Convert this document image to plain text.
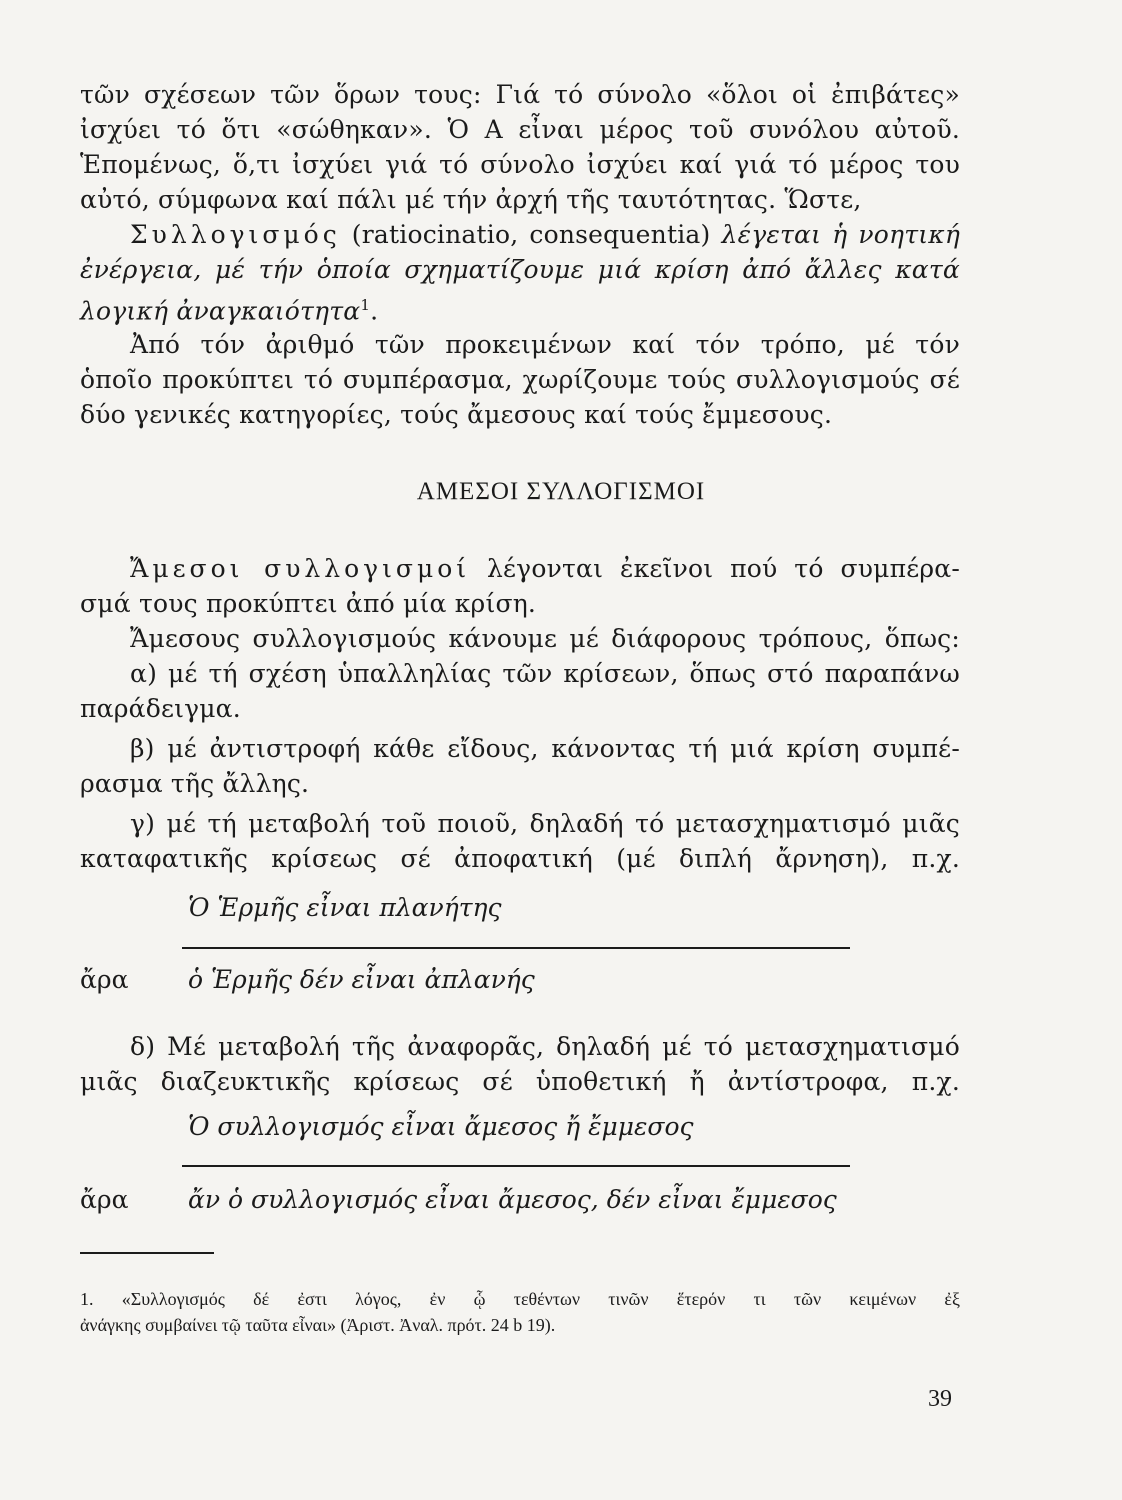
τῶν σχέσεων τῶν ὅρων τους: Γιά τό σύνολο «ὅλοι οἱ ἐπιβάτες»
ἰσχύει τό ὅτι «σώθηκαν». Ὁ Α εἶναι μέρος τοῦ συνόλου αὐτοῦ.
Ἑπομένως, ὅ,τι ἰσχύει γιά τό σύνολο ἰσχύει καί γιά τό μέρος του
αὐτό, σύμφωνα καί πάλι μέ τήν ἀρχή τῆς ταυτότητας. Ὥστε,
Συλλογισμός (ratiocinatio, consequentia) λέγεται ἡ νοητική
ἐνέργεια, μέ τήν ὁποία σχηματίζουμε μιά κρίση ἀπό ἄλλες κατά
λογική ἀναγκαιότητα$^1$.
Ἀπό τόν ἀριθμό τῶν προκειμένων καί τόν τρόπο, μέ τόν
ὁποῖο προκύπτει τό συμπέρασμα, χωρίζουμε τούς συλλογισμούς σέ
δύο γενικές κατηγορίες, τούς ἄμεσους καί τούς ἔμμεσους.
ΑΜΕΣΟΙ ΣΥΛΛΟΓΙΣΜΟΙ
Ἄμεσοι συλλογισμοί λέγονται ἐκεῖνοι πού τό συμπέρα-
σμά τους προκύπτει ἀπό μία κρίση.
Ἄμεσους συλλογισμούς κάνουμε μέ διάφορους τρόπους, ὅπως:
α) μέ τή σχέση ὑπαλληλίας τῶν κρίσεων, ὅπως στό παραπάνω
παράδειγμα.
β) μέ ἀντιστροφή κάθε εἴδους, κάνοντας τή μιά κρίση συμπέ-
ρασμα τῆς ἄλλης.
γ) μέ τή μεταβολή τοῦ ποιοῦ, δηλαδή τό μετασχηματισμό μιᾶς
καταφατικῆς κρίσεως σέ ἀποφατική (μέ διπλή ἄρνηση), π.χ.
Ὁ Ἑρμῆς εἶναι πλανήτης
ἄρα ὁ Ἑρμῆς δέν εἶναι ἀπλανής
δ) Μέ μεταβολή τῆς ἀναφορᾶς, δηλαδή μέ τό μετασχηματισμό
μιᾶς διαζευκτικῆς κρίσεως σέ ὑποθετική ἤ ἀντίστροφα, π.χ.
Ὁ συλλογισμός εἶναι ἄμεσος ἤ ἔμμεσος
ἄρα ἄν ὁ συλλογισμός εἶναι ἄμεσος, δέν εἶναι ἔμμεσος
1. «Συλλογισμός δέ ἐστι λόγος, ἐν ᾧ τεθέντων τινῶν ἕτερόν τι τῶν κειμένων ἐξ
ἀνάγκης συμβαίνει τῷ ταῦτα εἶναι» (Ἀριστ. Ἀναλ. πρότ. 24 b 19).
39
